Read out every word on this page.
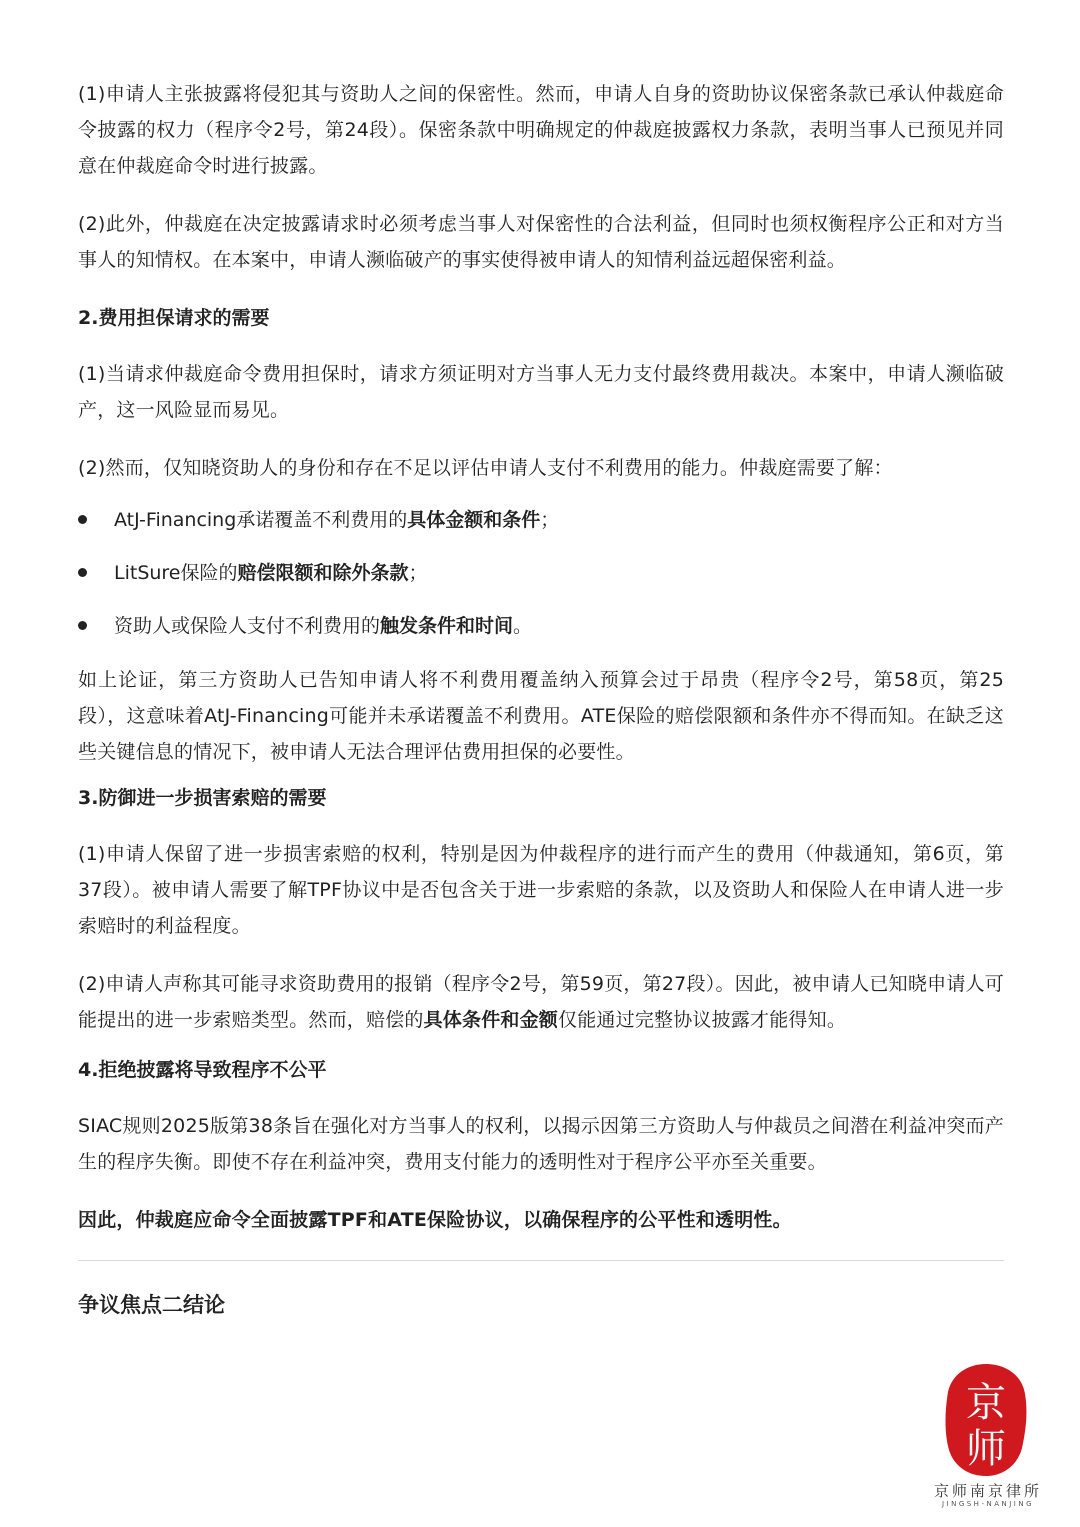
(1)申请人主张披露将侵犯其与资助人之间的保密性。然而，申请人自身的资助协议保密条款已承认仲裁庭命令披露的权力（程序令2号，第24段）。保密条款中明确规定的仲裁庭披露权力条款，表明当事人已预见并同意在仲裁庭命令时进行披露。

(2)此外，仲裁庭在决定披露请求时必须考虑当事人对保密性的合法利益，但同时也须权衡程序公正和对方当事人的知情权。在本案中，申请人濒临破产的事实使得被申请人的知情利益远超保密利益。

2.费用担保请求的需要

(1)当请求仲裁庭命令费用担保时，请求方须证明对方当事人无力支付最终费用裁决。本案中，申请人濒临破产，这一风险显而易见。

(2)然而，仅知晓资助人的身份和存在不足以评估申请人支付不利费用的能力。仲裁庭需要了解：

AtJ-Financing承诺覆盖不利费用的具体金额和条件；
LitSure保险的赔偿限额和除外条款；
资助人或保险人支付不利费用的触发条件和时间。

如上论证，第三方资助人已告知申请人将不利费用覆盖纳入预算会过于昂贵（程序令2号，第58页，第25段），这意味着AtJ-Financing可能并未承诺覆盖不利费用。ATE保险的赔偿限额和条件亦不得而知。在缺乏这些关键信息的情况下，被申请人无法合理评估费用担保的必要性。

3.防御进一步损害索赔的需要

(1)申请人保留了进一步损害索赔的权利，特别是因为仲裁程序的进行而产生的费用（仲裁通知，第6页，第37段）。被申请人需要了解TPF协议中是否包含关于进一步索赔的条款，以及资助人和保险人在申请人进一步索赔时的利益程度。

(2)申请人声称其可能寻求资助费用的报销（程序令2号，第59页，第27段）。因此，被申请人已知晓申请人可能提出的进一步索赔类型。然而，赔偿的具体条件和金额仅能通过完整协议披露才能得知。

4.拒绝披露将导致程序不公平

SIAC规则2025版第38条旨在强化对方当事人的权利，以揭示因第三方资助人与仲裁员之间潜在利益冲突而产生的程序失衡。即使不存在利益冲突，费用支付能力的透明性对于程序公平亦至关重要。

因此，仲裁庭应命令全面披露TPF和ATE保险协议，以确保程序的公平性和透明性。

争议焦点二结论
京
师
京师南京律所
JINGSH-NANJING
